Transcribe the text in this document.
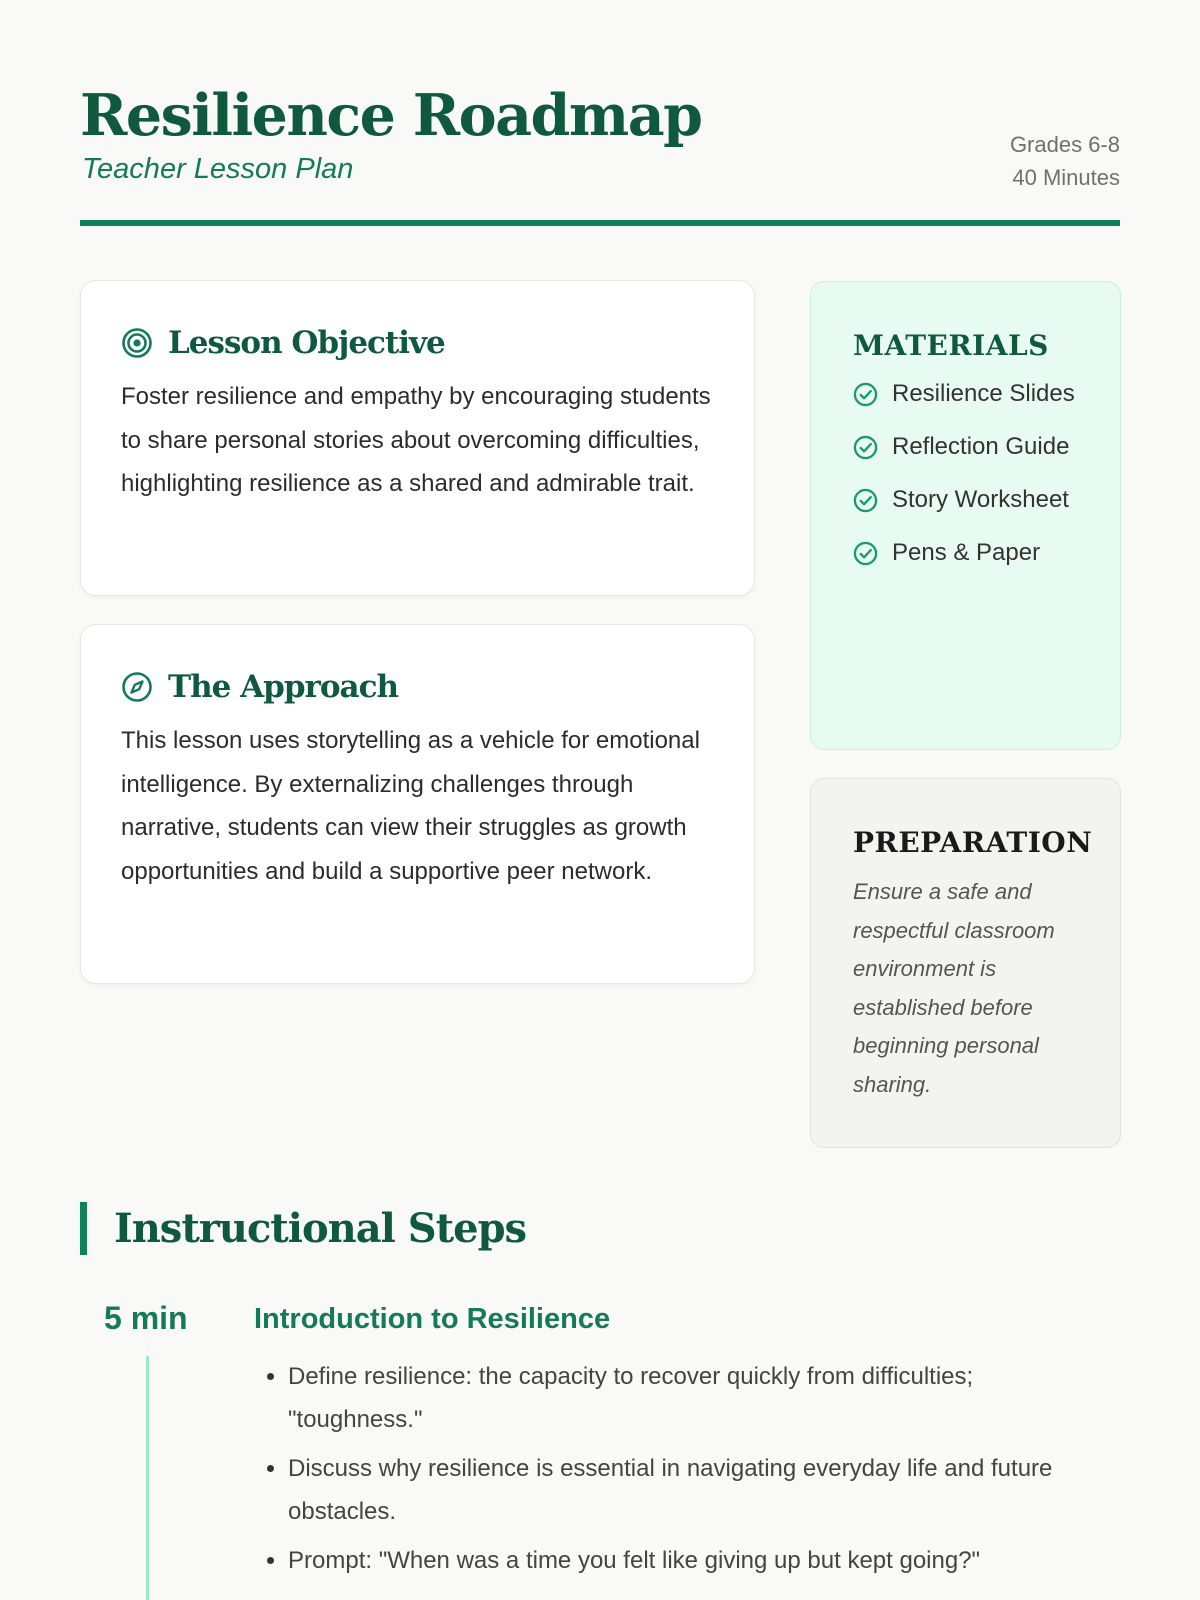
Resilience Roadmap
Teacher Lesson Plan
Grades 6-8
40 Minutes
Lesson Objective

Foster resilience and empathy by encouraging students to share personal stories about overcoming difficulties, highlighting resilience as a shared and admirable trait.

The Approach

This lesson uses storytelling as a vehicle for emotional intelligence. By externalizing challenges through narrative, students can view their struggles as growth opportunities and build a supportive peer network.

MATERIALS
Resilience Slides
Reflection Guide
Story Worksheet
Pens & Paper
PREPARATION

Ensure a safe and respectful classroom environment is established before beginning personal sharing.

Instructional Steps
5 min Introduction to Resilience
• Define resilience: the capacity to recover quickly from difficulties; "toughness."
• Discuss why resilience is essential in navigating everyday life and future obstacles.
• Prompt: "When was a time you felt like giving up but kept going?"
